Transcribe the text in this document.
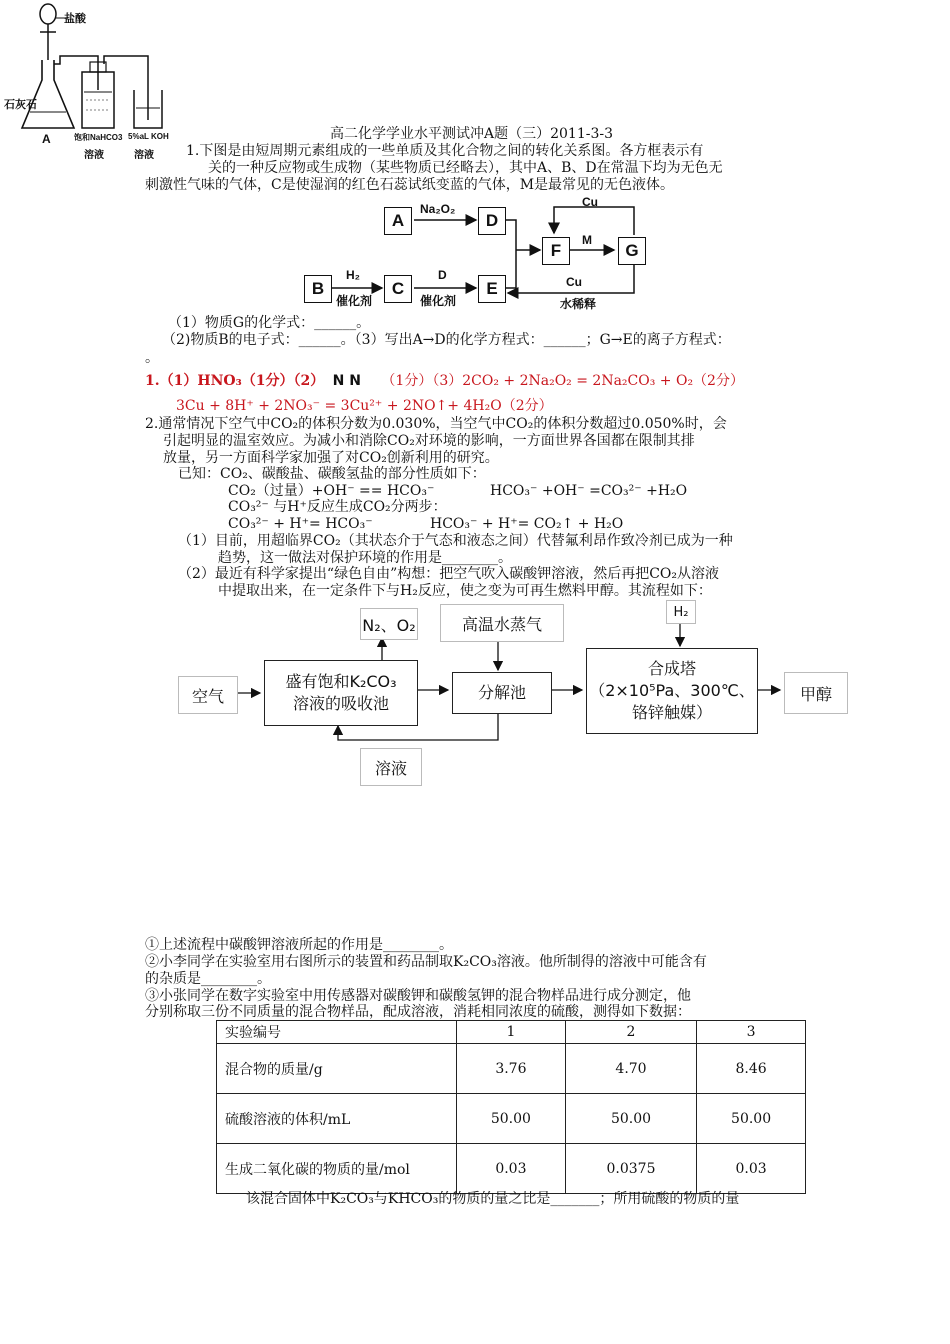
盐酸
石灰石
A	饱和NaHCO3 5%aL KOH
溶液	溶液
高二化学学业水平测试冲A题（三）2011-3-3
1.下图是由短周期元素组成的一些单质及其化合物之间的转化关系图。各方框表示有
关的一种反应物或生成物（某些物质已经略去），其中A、B、D在常温下均为无色无
刺激性气味的气体，C是使湿润的红色石蕊试纸变蓝的气体，M是最常见的无色液体。
A	D
B	C	E
F	G
Na₂O₂
H₂
催化剂
D
催化剂
Cu
M
Cu
水稀释
（1）物质G的化学式：______。
（2)物质B的电子式：______。（3）写出A→D的化学方程式：______；G→E的离子方程式：
。
1.（1）HNO₃（1分）（2） N N （1分）（3）2CO₂ + 2Na₂O₂ = 2Na₂CO₃ + O₂（2分）
3Cu + 8H⁺ + 2NO₃⁻ = 3Cu²⁺ + 2NO↑+ 4H₂O（2分）
2.通常情况下空气中CO₂的体积分数为0.030%，当空气中CO₂的体积分数超过0.050%时，会
引起明显的温室效应。为减小和消除CO₂对环境的影响，一方面世界各国都在限制其排
放量，另一方面科学家加强了对CO₂创新利用的研究。
已知：CO₂、碳酸盐、碳酸氢盐的部分性质如下：
CO₂（过量）+OH⁻ == HCO₃⁻	HCO₃⁻ +OH⁻ =CO₃²⁻ +H₂O
CO₃²⁻ 与H⁺反应生成CO₂分两步：
CO₃²⁻ + H⁺= HCO₃⁻	HCO₃⁻ + H⁺= CO₂↑ + H₂O
（1）目前，用超临界CO₂（其状态介于气态和液态之间）代替氟利昂作致冷剂已成为一种
趋势，这一做法对保护环境的作用是________。
（2）最近有科学家提出“绿色自由”构想：把空气吹入碳酸钾溶液，然后再把CO₂从溶液
中提取出来，在一定条件下与H₂反应，使之变为可再生燃料甲醇。其流程如下：
N₂、O₂	高温水蒸气
H₂
空气
盛有饱和K₂CO₃
溶液的吸收池
分解池
合成塔
（2×10⁵Pa、300℃、
铬锌触媒）
甲醇
溶液
①上述流程中碳酸钾溶液所起的作用是________。
②小李同学在实验室用右图所示的装置和药品制取K₂CO₃溶液。他所制得的溶液中可能含有
的杂质是________。
③小张同学在数字实验室中用传感器对碳酸钾和碳酸氢钾的混合物样品进行成分测定，他
分别称取三份不同质量的混合物样品，配成溶液，消耗相同浓度的硫酸，测得如下数据：
实验编号	1	2	3
混合物的质量/g	3.76	4.70	8.46
硫酸溶液的体积/mL	50.00	50.00	50.00
生成二氧化碳的物质的量/mol	0.03	0.0375	0.03
该混合固体中K₂CO₃与KHCO₃的物质的量之比是_______；所用硫酸的物质的量
